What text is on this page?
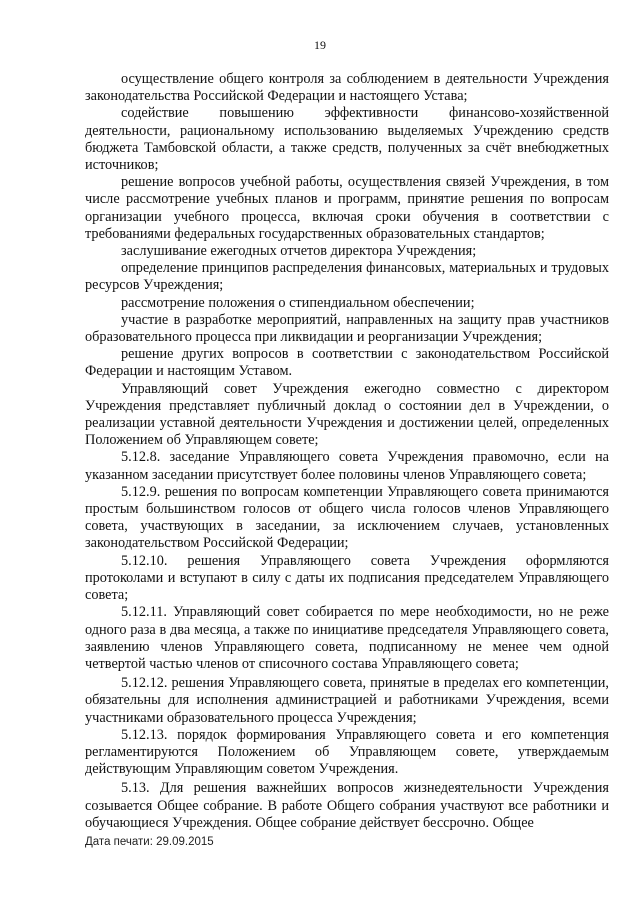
19

осуществление общего контроля за соблюдением в деятельности Учреждения законодательства Российской Федерации и настоящего Устава;

содействие повышению эффективности финансово-хозяйственной деятельности, рациональному использованию выделяемых Учреждению средств бюджета Тамбовской области, а также средств, полученных за счёт внебюджетных источников;

решение вопросов учебной работы, осуществления связей Учреждения, в том числе рассмотрение учебных планов и программ, принятие решения по вопросам организации учебного процесса, включая сроки обучения в соответствии с требованиями федеральных государственных образовательных стандартов;

заслушивание ежегодных отчетов директора Учреждения;

определение принципов распределения финансовых, материальных и трудовых ресурсов Учреждения;

рассмотрение положения о стипендиальном обеспечении;

участие в разработке мероприятий, направленных на защиту прав участников образовательного процесса при ликвидации и реорганизации Учреждения;

решение других вопросов в соответствии с законодательством Российской Федерации и настоящим Уставом.

Управляющий совет Учреждения ежегодно совместно с директором Учреждения представляет публичный доклад о состоянии дел в Учреждении, о реализации уставной деятельности Учреждения и достижении целей, определенных Положением об Управляющем совете;

5.12.8. заседание Управляющего совета Учреждения правомочно, если на указанном заседании присутствует более половины членов Управляющего совета;

5.12.9. решения по вопросам компетенции Управляющего совета принимаются простым большинством голосов от общего числа голосов членов Управляющего совета, участвующих в заседании, за исключением случаев, установленных законодательством Российской Федерации;

5.12.10. решения Управляющего совета Учреждения оформляются протоколами и вступают в силу с даты их подписания председателем Управляющего совета;

5.12.11. Управляющий совет собирается по мере необходимости, но не реже одного раза в два месяца, а также по инициативе председателя Управляющего совета, заявлению членов Управляющего совета, подписанному не менее чем одной четвертой частью членов от списочного состава Управляющего совета;

5.12.12. решения Управляющего совета, принятые в пределах его компетенции, обязательны для исполнения администрацией и работниками Учреждения, всеми участниками образовательного процесса Учреждения;

5.12.13. порядок формирования Управляющего совета и его компетенция регламентируются Положением об Управляющем совете, утверждаемым действующим Управляющим советом Учреждения.

5.13. Для решения важнейших вопросов жизнедеятельности Учреждения созывается Общее собрание. В работе Общего собрания участвуют все работники и обучающиеся Учреждения. Общее собрание действует бессрочно. Общее

Дата печати: 29.09.2015
